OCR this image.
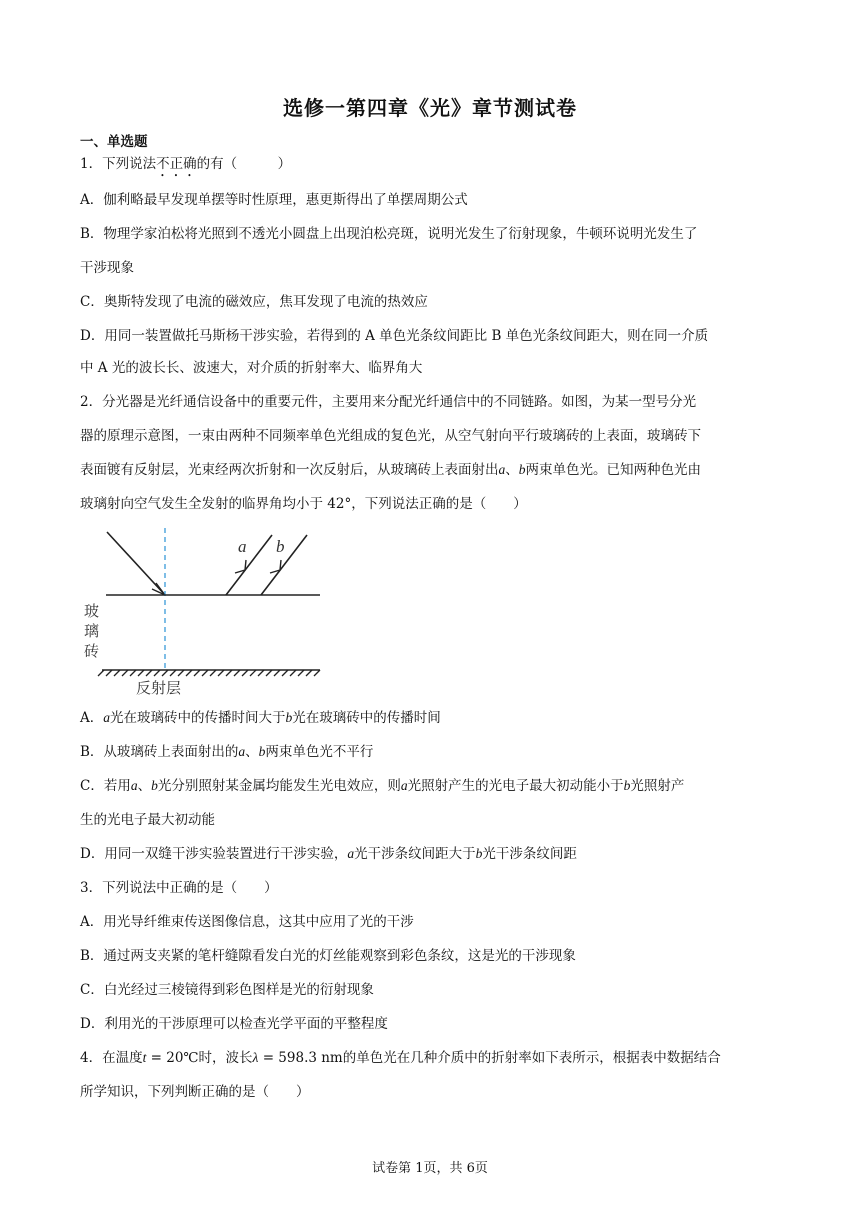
选修一第四章《光》章节测试卷
一、单选题
1．下列说法不正确的有（　　　）
A．伽利略最早发现单摆等时性原理，惠更斯得出了单摆周期公式
B．物理学家泊松将光照到不透光小圆盘上出现泊松亮斑，说明光发生了衍射现象，牛顿环说明光发生了
干涉现象
C．奥斯特发现了电流的磁效应，焦耳发现了电流的热效应
D．用同一装置做托马斯杨干涉实验，若得到的 A 单色光条纹间距比 B 单色光条纹间距大，则在同一介质
中 A 光的波长长、波速大，对介质的折射率大、临界角大
2．分光器是光纤通信设备中的重要元件，主要用来分配光纤通信中的不同链路。如图，为某一型号分光
器的原理示意图，一束由两种不同频率单色光组成的复色光，从空气射向平行玻璃砖的上表面，玻璃砖下
表面镀有反射层，光束经两次折射和一次反射后，从玻璃砖上表面射出a、b两束单色光。已知两种色光由
玻璃射向空气发生全发射的临界角均小于 42°，下列说法正确的是（　　）
a b
玻
璃
砖
反射层
A．a光在玻璃砖中的传播时间大于b光在玻璃砖中的传播时间
B．从玻璃砖上表面射出的a、b两束单色光不平行
C．若用a、b光分别照射某金属均能发生光电效应，则a光照射产生的光电子最大初动能小于b光照射产
生的光电子最大初动能
D．用同一双缝干涉实验装置进行干涉实验，a光干涉条纹间距大于b光干涉条纹间距
3．下列说法中正确的是（　　）
A．用光导纤维束传送图像信息，这其中应用了光的干涉
B．通过两支夹紧的笔杆缝隙看发白光的灯丝能观察到彩色条纹，这是光的干涉现象
C．白光经过三棱镜得到彩色图样是光的衍射现象
D．利用光的干涉原理可以检查光学平面的平整程度
4．在温度t = 20℃时，波长λ = 598.3 nm的单色光在几种介质中的折射率如下表所示，根据表中数据结合
所学知识，下列判断正确的是（　　）
试卷第 1页，共 6页
